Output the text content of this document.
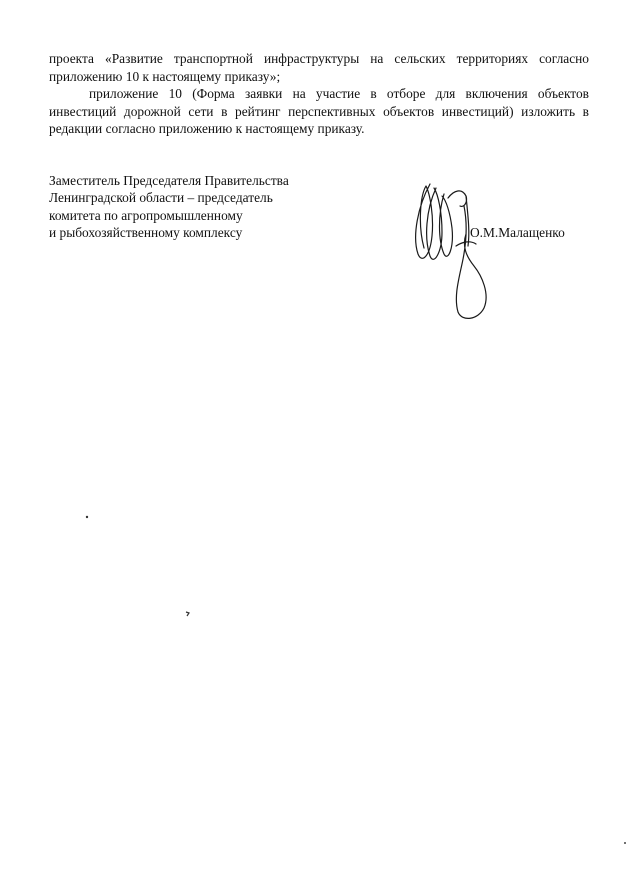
проекта «Развитие транспортной инфраструктуры на сельских территориях согласно приложению 10 к настоящему приказу»;

приложение 10 (Форма заявки на участие в отборе для включения объектов инвестиций дорожной сети в рейтинг перспективных объектов инвестиций) изложить в редакции согласно приложению к настоящему приказу.

Заместитель Председателя Правительства
Ленинградской области – председатель
комитета по агропромышленному
и рыбохозяйственному комплексу	О.М.Малащенко
